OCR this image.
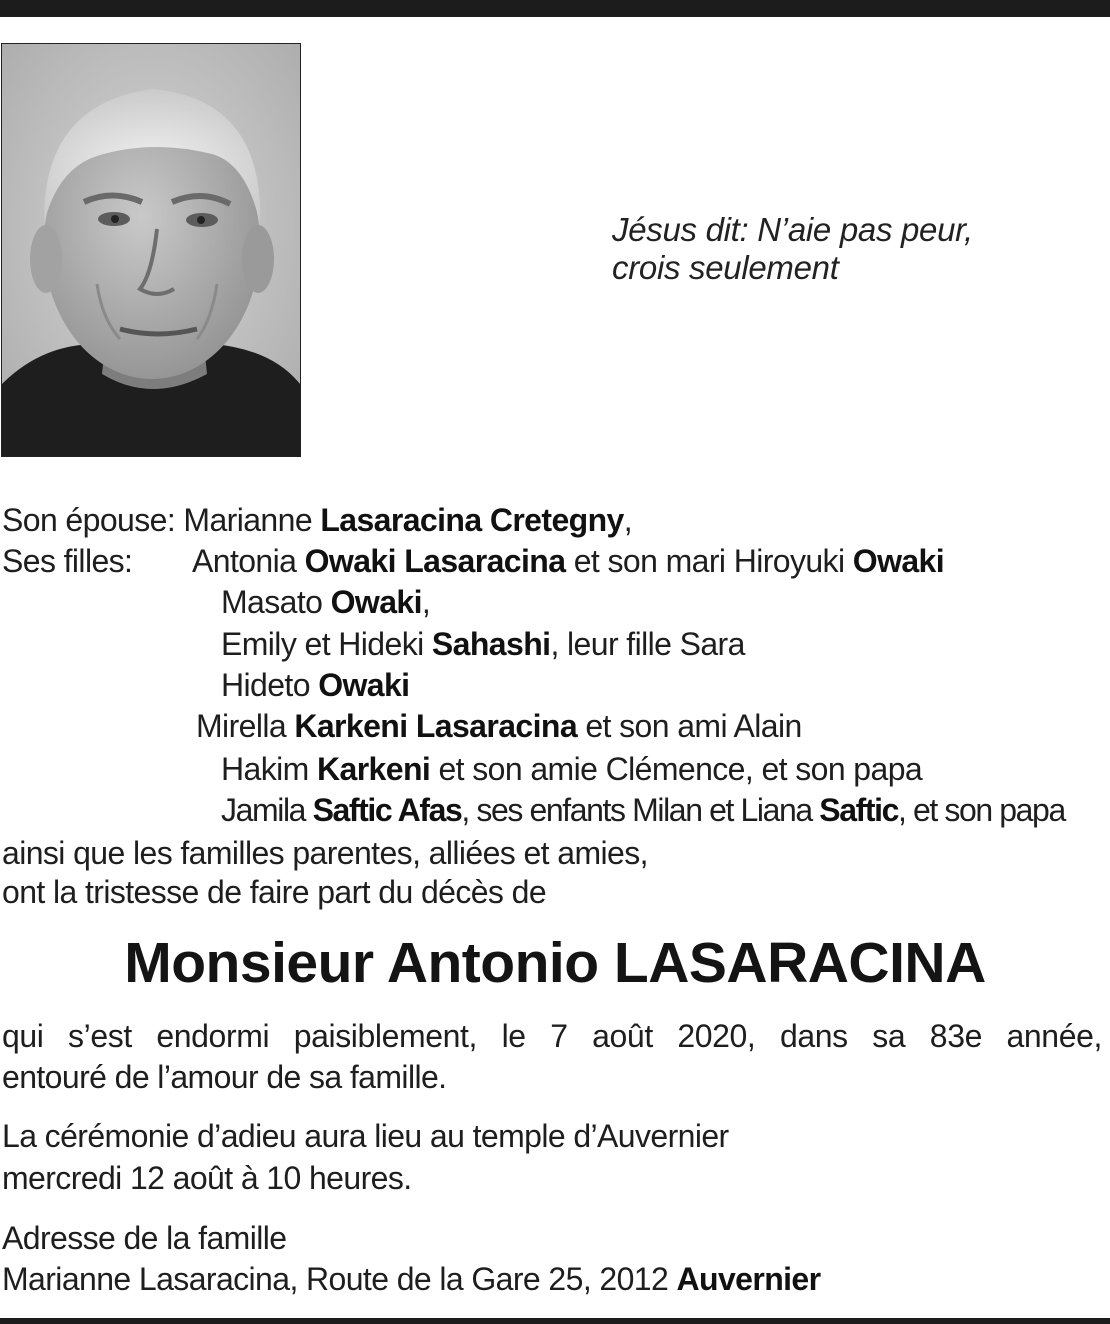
Jésus dit: N’aie pas peur,
crois seulement
Son épouse: Marianne Lasaracina Cretegny,
Ses filles: Antonia Owaki Lasaracina et son mari Hiroyuki Owaki
Masato Owaki,
Emily et Hideki Sahashi, leur fille Sara
Hideto Owaki
Mirella Karkeni Lasaracina et son ami Alain
Hakim Karkeni et son amie Clémence, et son papa
Jamila Saftic Afas, ses enfants Milan et Liana Saftic, et son papa
ainsi que les familles parentes, alliées et amies,
ont la tristesse de faire part du décès de
Monsieur Antonio LASARACINA
qui s’est endormi paisiblement, le 7 août 2020, dans sa 83e année,
entouré de l’amour de sa famille.
La cérémonie d’adieu aura lieu au temple d’Auvernier
mercredi 12 août à 10 heures.
Adresse de la famille
Marianne Lasaracina, Route de la Gare 25, 2012 Auvernier
